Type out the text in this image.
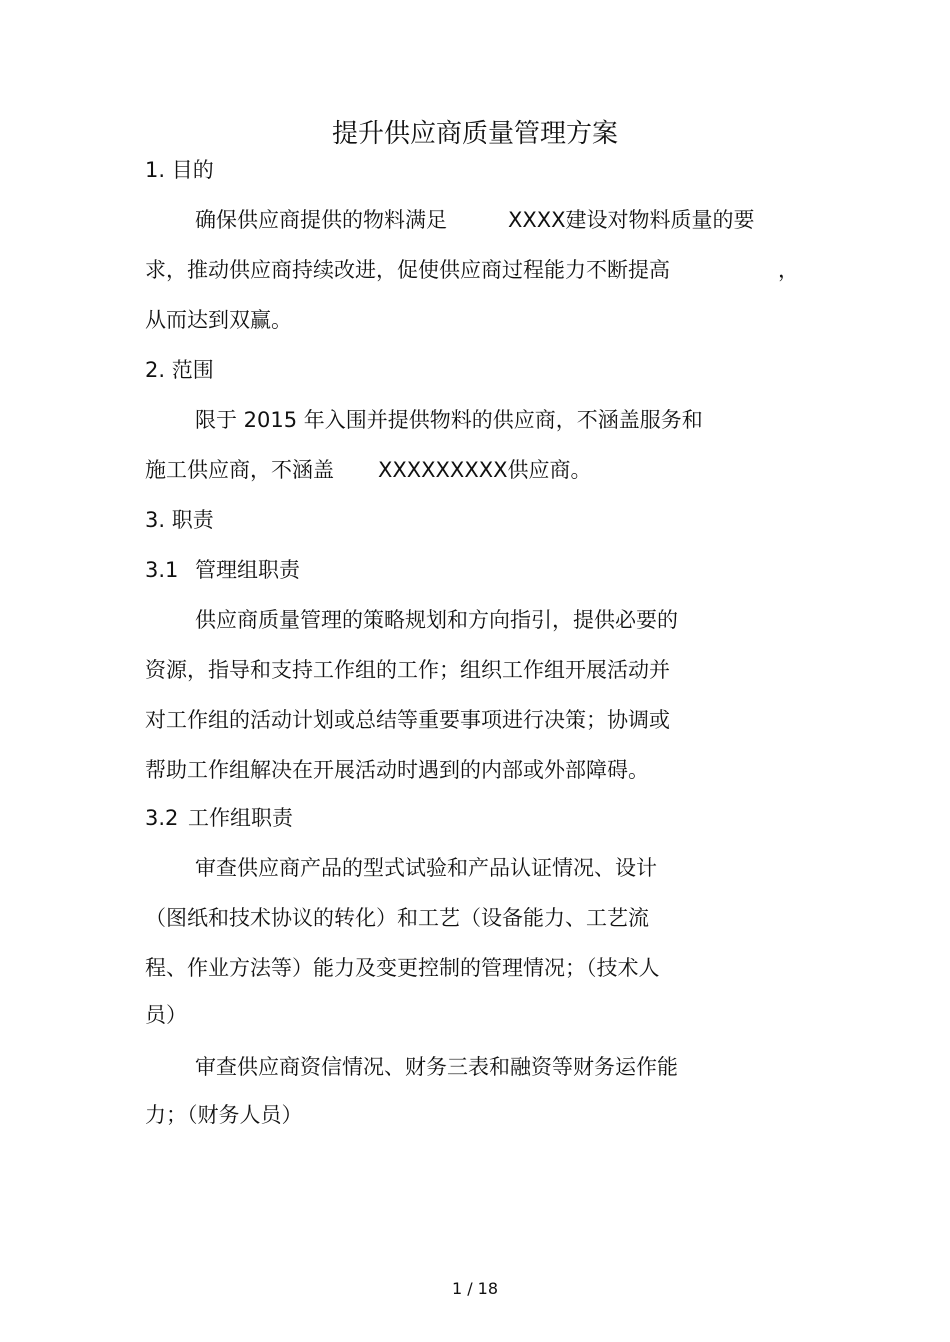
提升供应商质量管理方案
1. 目的
确保供应商提供的物料满足	XXXX建设对物料质量的要
求，推动供应商持续改进，促使供应商过程能力不断提高	，
从而达到双赢。
2. 范围
限于 2015 年入围并提供物料的供应商，不涵盖服务和
施工供应商，不涵盖 XXXXXXXXX供应商。
3. 职责
3.1 管理组职责
供应商质量管理的策略规划和方向指引，提供必要的
资源，指导和支持工作组的工作；组织工作组开展活动并
对工作组的活动计划或总结等重要事项进行决策；协调或
帮助工作组解决在开展活动时遇到的内部或外部障碍。
3.2 工作组职责
审查供应商产品的型式试验和产品认证情况、设计
（图纸和技术协议的转化）和工艺（设备能力、工艺流
程、作业方法等）能力及变更控制的管理情况；（技术人
员）
审查供应商资信情况、财务三表和融资等财务运作能
力；（财务人员）
1 / 18
